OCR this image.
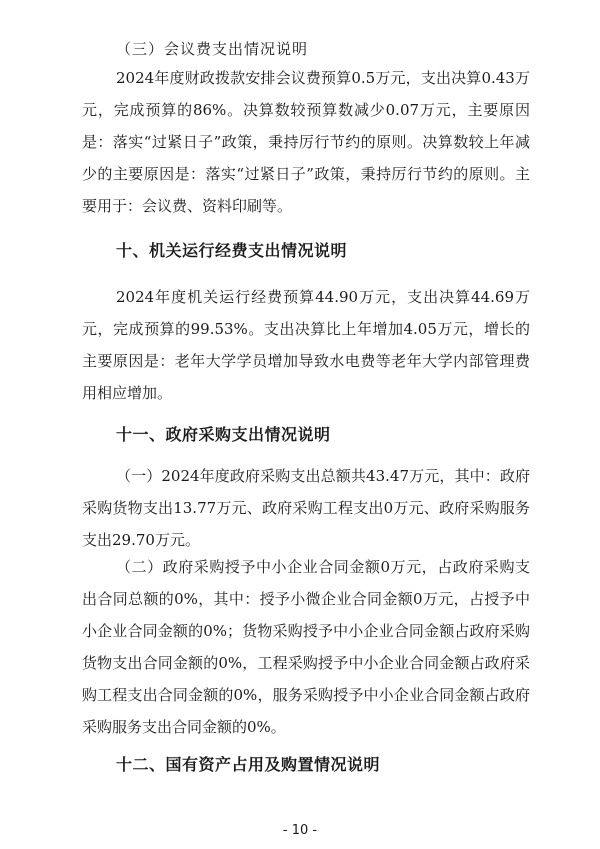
（三）会议费支出情况说明

2024年度财政拨款安排会议费预算0.5万元，支出决算0.43万元，完成预算的86%。决算数较预算数减少0.07万元，主要原因是：落实“过紧日子”政策，秉持厉行节约的原则。决算数较上年减少的主要原因是：落实“过紧日子”政策，秉持厉行节约的原则。主要用于：会议费、资料印刷等。

十、机关运行经费支出情况说明

2024年度机关运行经费预算44.90万元，支出决算44.69万元，完成预算的99.53%。支出决算比上年增加4.05万元，增长的主要原因是：老年大学学员增加导致水电费等老年大学内部管理费用相应增加。

十一、政府采购支出情况说明

（一）2024年度政府采购支出总额共43.47万元，其中：政府采购货物支出13.77万元、政府采购工程支出0万元、政府采购服务支出29.70万元。

（二）政府采购授予中小企业合同金额0万元，占政府采购支出合同总额的0%，其中：授予小微企业合同金额0万元，占授予中小企业合同金额的0%；货物采购授予中小企业合同金额占政府采购货物支出合同金额的0%，工程采购授予中小企业合同金额占政府采购工程支出合同金额的0%，服务采购授予中小企业合同金额占政府采购服务支出合同金额的0%。

十二、国有资产占用及购置情况说明
- 10 -
